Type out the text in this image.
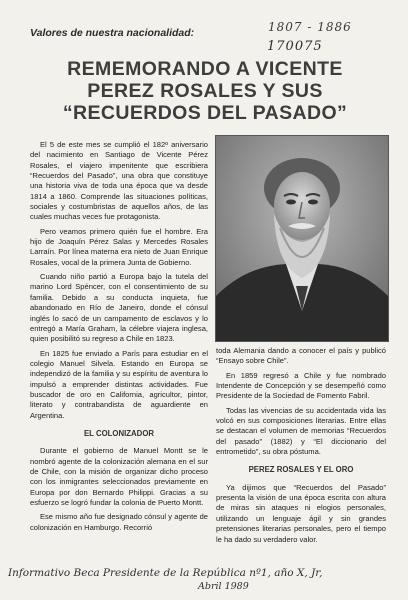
Valores de nuestra nacionalidad:	1807 - 1886
170075
REMEMORANDO A VICENTE
PEREZ ROSALES Y SUS
“RECUERDOS DEL PASADO”

El 5 de este mes se cumplió el 182º aniversario del nacimiento en Santiago de Vicente Pérez Rosales, el viajero impenitente que escribiera “Recuerdos del Pasado”, una obra que constituye una historia viva de toda una época que va desde 1814 a 1860. Comprende las situaciones políticas, sociales y costumbristas de aquellos años, de las cuales muchas veces fue protagonista.

Pero veamos primero quién fue el hombre. Era hijo de Joaquín Pérez Salas y Mercedes Rosales Larraín. Por línea materna era nieto de Juan Enrique Rosales, vocal de la primera Junta de Gobierno.

Cuando niño partió a Europa bajo la tutela del marino Lord Spéncer, con el consentimiento de su familia. Debido a su conducta inquieta, fue abandonado en Río de Janeiro, donde el cónsul inglés lo sacó de un campamento de esclavos y lo entregó a María Graham, la célebre viajera inglesa, quien posibilitó su regreso a Chile en 1823.

En 1825 fue enviado a París para estudiar en el colegio Manuel Silvela. Estando en Europa se independizó de la familia y su espíritu de aventura lo impulsó a emprender distintas actividades. Fue buscador de oro en California, agricultor, pintor, literato y contrabandista de aguardiente en Argentina.

EL COLONIZADOR

Durante el gobierno de Manuel Montt se le nombró agente de la colonización alemana en el sur de Chile, con la misión de organizar dicho proceso con los inmigrantes seleccionados previamente en Europa por don Bernardo Philippi. Gracias a su esfuerzo se logró fundar la colonia de Puerto Montt.

Ese mismo año fue designado cónsul y agente de colonización en Hamburgo. Recorrió

toda Alemania dando a conocer el país y publicó “Ensayo sobre Chile”.

En 1859 regresó a Chile y fue nombrado Intendente de Concepción y se desempeñó como Presidente de la Sociedad de Fomento Fabril.

Todas las vivencias de su accidentada vida las volcó en sus composiciones literarias. Entre ellas se destacan el volumen de memorias “Recuerdos del pasado” (1882) y “El diccionario del entrometido”, su obra póstuma.

PEREZ ROSALES Y EL ORO

Ya dijimos que “Recuerdos del Pasado” presenta la visión de una época escrita con altura de miras sin ataques ni elogios personales, utilizando un lenguaje ágil y sin grandes pretensiones literarias personales, pero el tiempo le ha dado su verdadero valor.

Informativo Beca Presidente de la República nº1, año X, Jr,
Abril 1989
